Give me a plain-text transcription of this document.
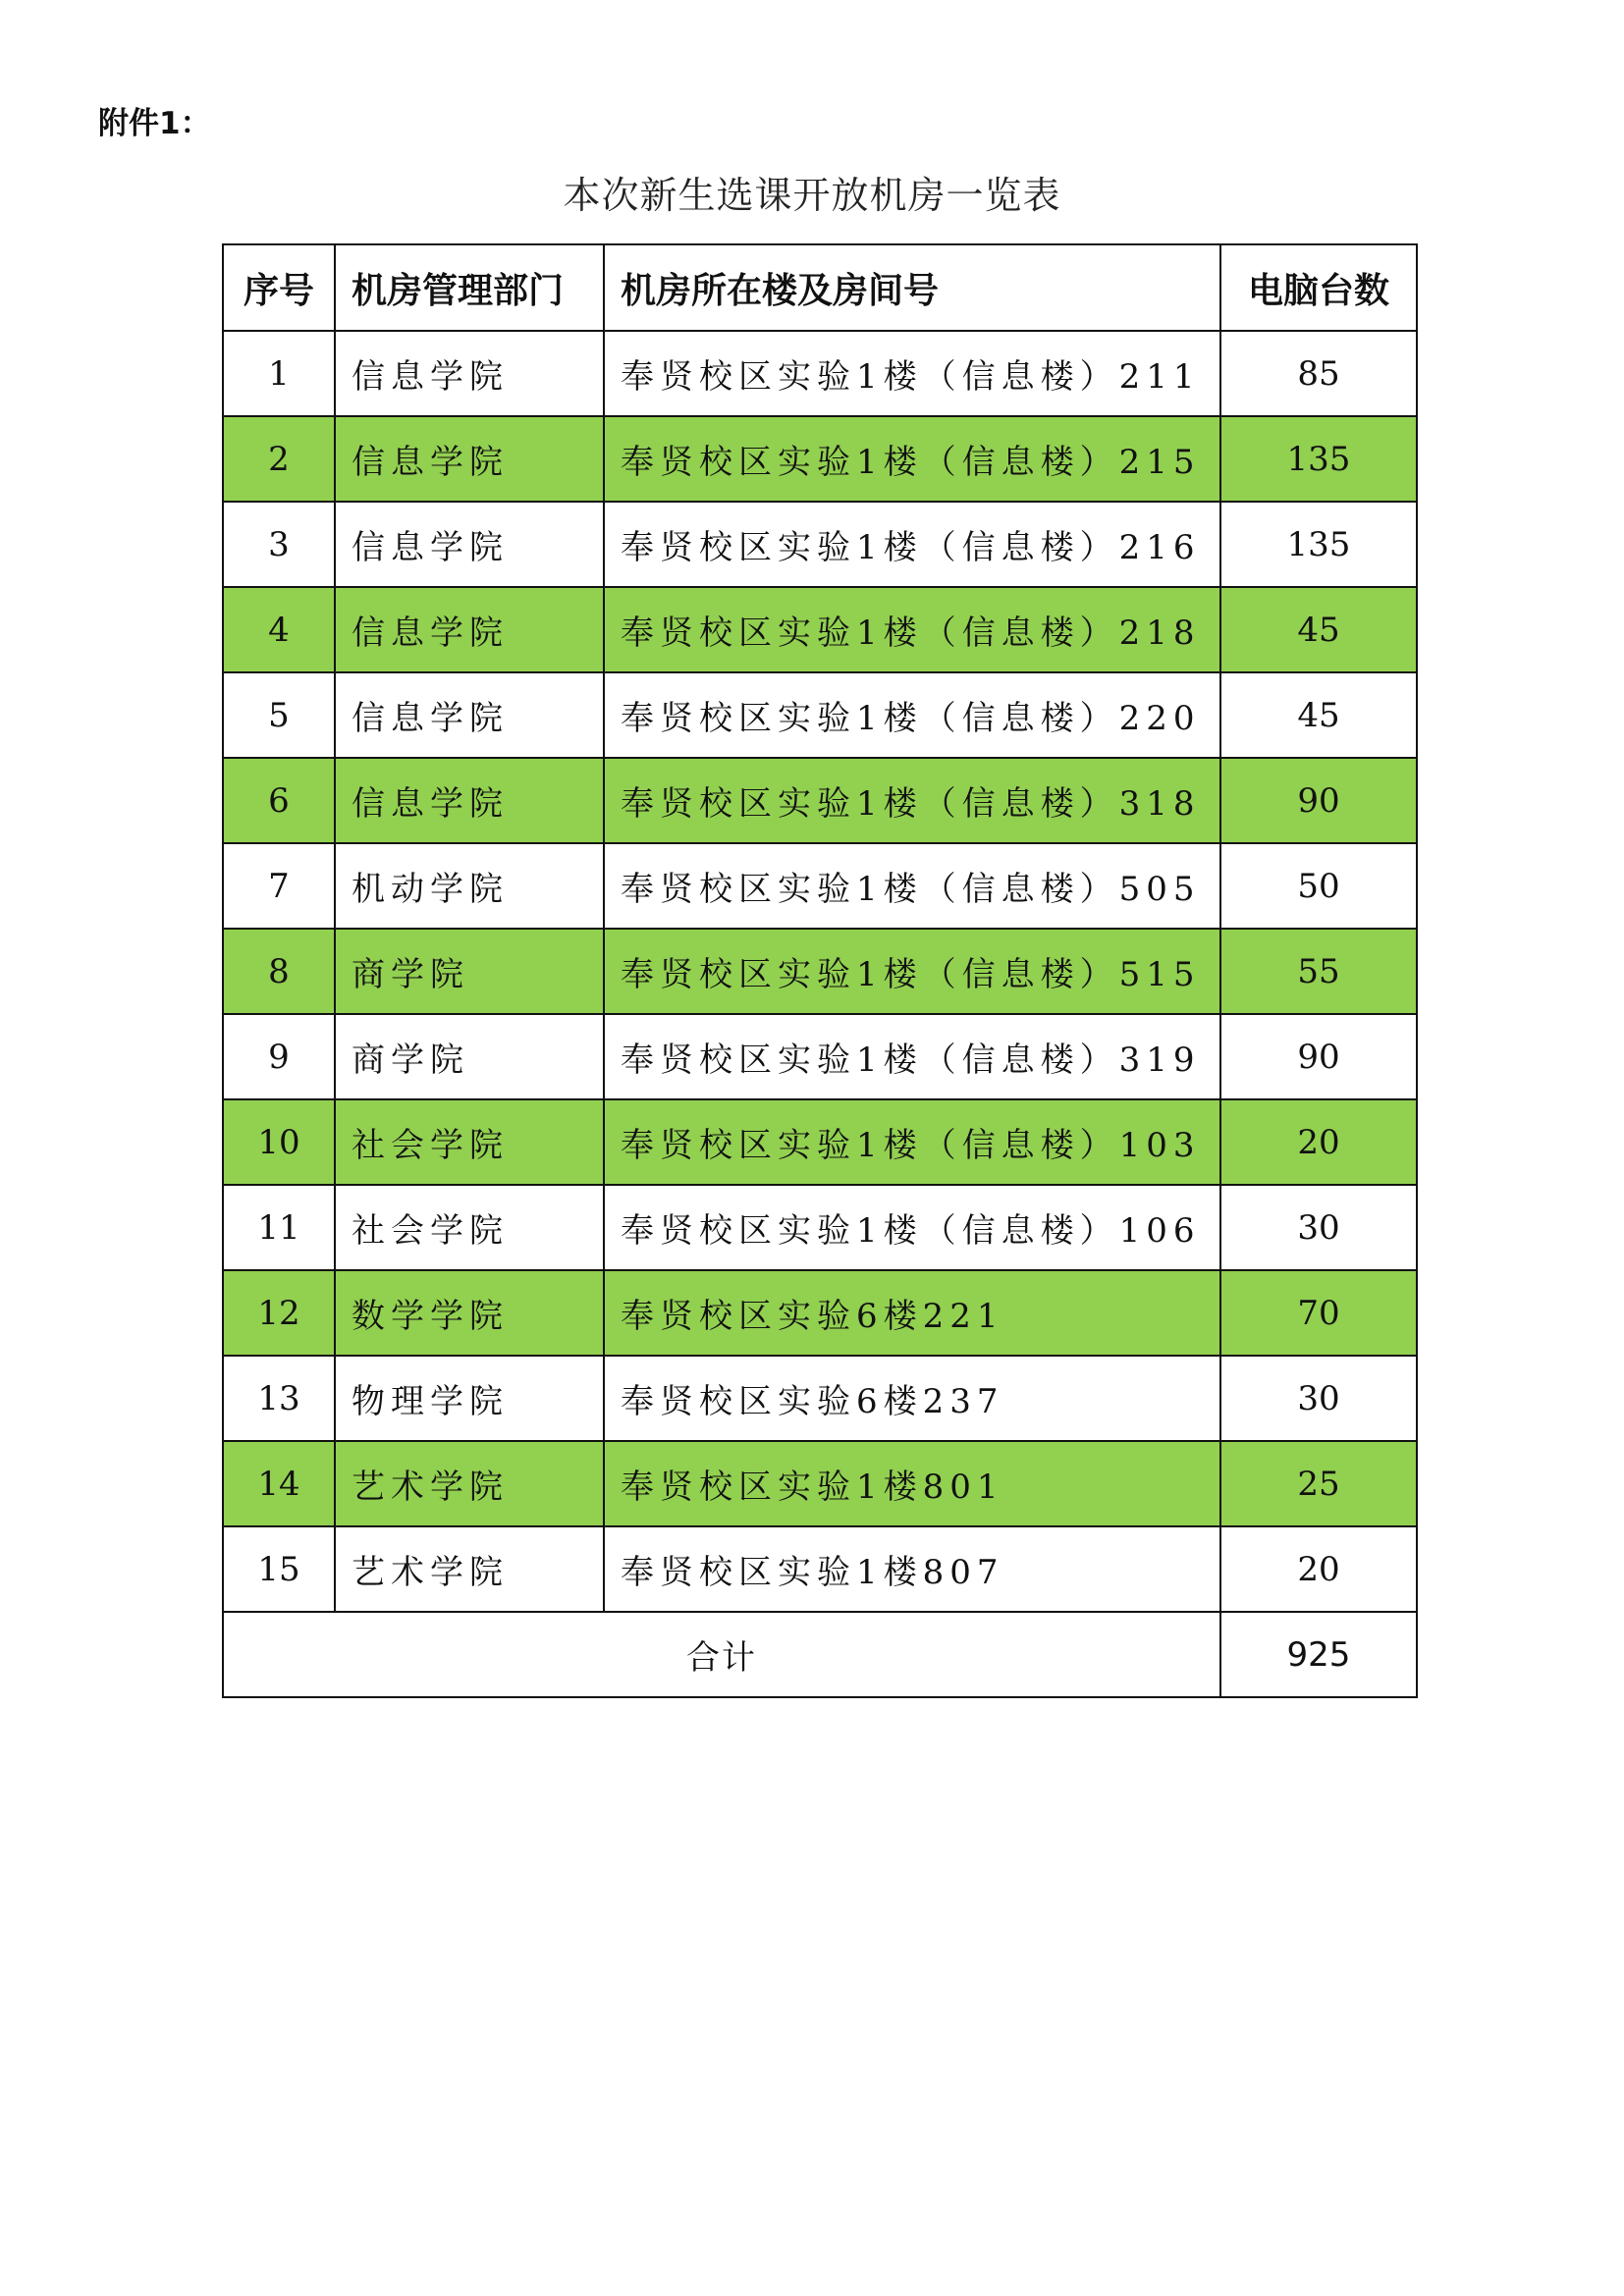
附件1：
本次新生选课开放机房一览表
序号	机房管理部门	机房所在楼及房间号	电脑台数
1	信息学院	奉贤校区实验1楼（信息楼）211	85
2	信息学院	奉贤校区实验1楼（信息楼）215	135
3	信息学院	奉贤校区实验1楼（信息楼）216	135
4	信息学院	奉贤校区实验1楼（信息楼）218	45
5	信息学院	奉贤校区实验1楼（信息楼）220	45
6	信息学院	奉贤校区实验1楼（信息楼）318	90
7	机动学院	奉贤校区实验1楼（信息楼）505	50
8	商学院	奉贤校区实验1楼（信息楼）515	55
9	商学院	奉贤校区实验1楼（信息楼）319	90
10	社会学院	奉贤校区实验1楼（信息楼）103	20
11	社会学院	奉贤校区实验1楼（信息楼）106	30
12	数学学院	奉贤校区实验6楼221	70
13	物理学院	奉贤校区实验6楼237	30
14	艺术学院	奉贤校区实验1楼801	25
15	艺术学院	奉贤校区实验1楼807	20
合计			925
